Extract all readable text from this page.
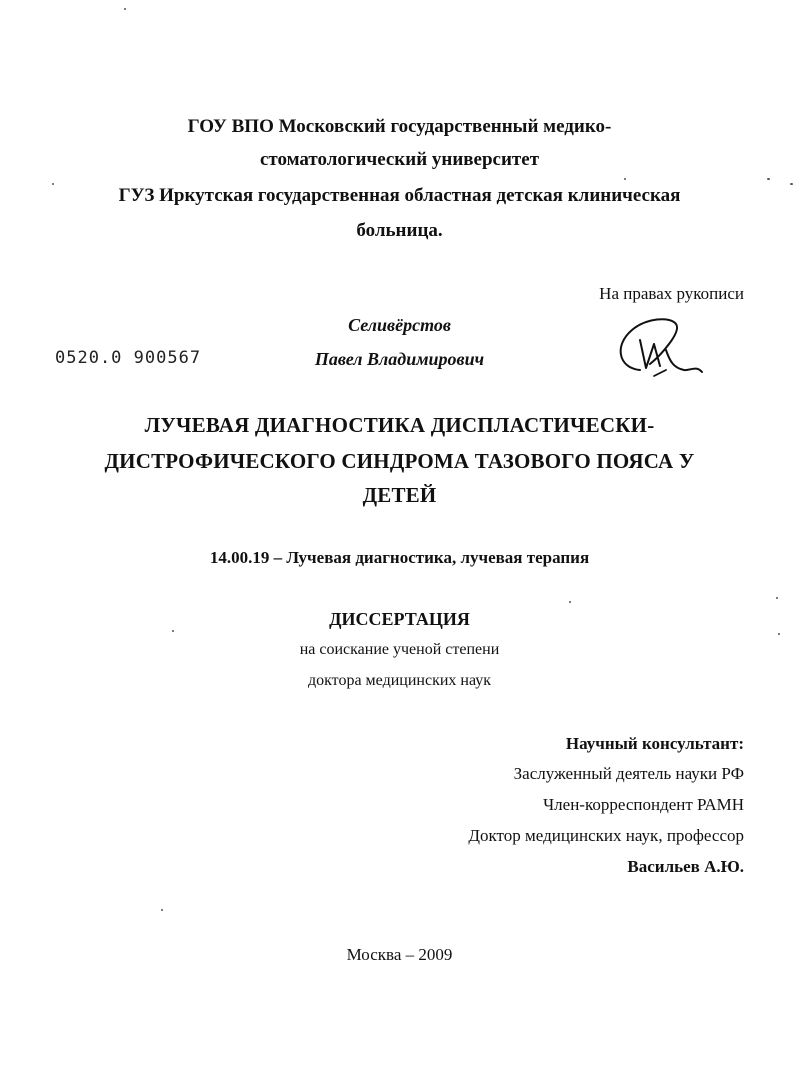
ГОУ ВПО Московский государственный медико-
стоматологический университет
ГУЗ Иркутская государственная областная детская клиническая
больница.
На правах рукописи
0520.0 900567
Селивёрстов
Павел Владимирович
ЛУЧЕВАЯ ДИАГНОСТИКА ДИСПЛАСТИЧЕСКИ-
ДИСТРОФИЧЕСКОГО СИНДРОМА ТАЗОВОГО ПОЯСА У
ДЕТЕЙ
14.00.19 – Лучевая диагностика, лучевая терапия
ДИССЕРТАЦИЯ
на соискание ученой степени
доктора медицинских наук
Научный консультант:
Заслуженный деятель науки РФ
Член-корреспондент РАМН
Доктор медицинских наук, профессор
Васильев А.Ю.
Москва – 2009
